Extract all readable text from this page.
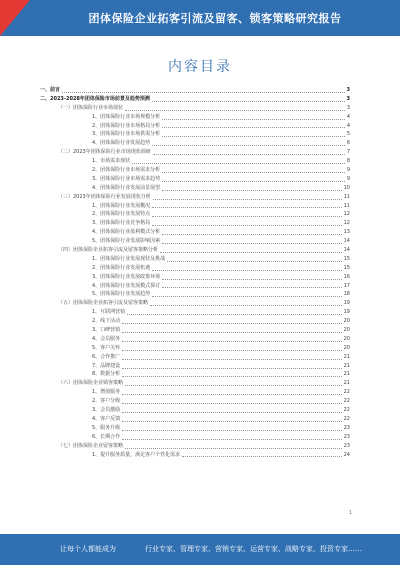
团体保险企业拓客引流及留客、锁客策略研究报告
内容目录
一、前言	3
二、2023-2028年团体保险市场前景及趋势预测	3
（一）团体保险行业市场现状	3
1、团体保险行业市场规模分析	4
2、团体保险行业市场格局分析	4
3、团体保险行业市场供需分析	5
4、团体保险行业发展趋势	6
（二）2023年团体保险行业市场现状调研	7
1、市场需求现状	8
2、团体保险行业市场需求分析	9
3、团体保险行业市场需求趋势	9
4、团体保险行业发展前景展望	10
（三）2023年团体保险行业发展现状分析	11
1、团体保险行业发展概况	11
2、团体保险行业发展特点	12
3、团体保险行业竞争格局	12
4、团体保险行业盈利模式分析	13
5、团体保险行业发展影响因素	14
（四）团体保险企业拓客引流及留客策略分析	14
1、团体保险行业发展现状及挑战	15
2、团体保险行业发展机遇	15
3、团体保险行业发展政策环境	16
4、团体保险行业发展模式探讨	17
5、团体保险行业发展趋势	18
（五）团体保险企业拓客引流及留客策略	19
1、互联网营销	19
2、线下活动	20
3、口碑营销	20
4、会员服务	20
5、客户关怀	20
6、合作推广	21
7、品牌建设	21
8、数据分析	21
（六）团体保险企业锁客策略	21
1、增值服务	22
2、客户分级	22
3、会员激励	22
4、客户反馈	22
5、服务升级	23
6、长期合作	23
（七）团体保险企业留客策略	23
1、提升服务质量，满足客户个性化需求	24
1
让每个人都能成为	行业专家、管理专家、营销专家、运营专家、战略专家、投资专家……
